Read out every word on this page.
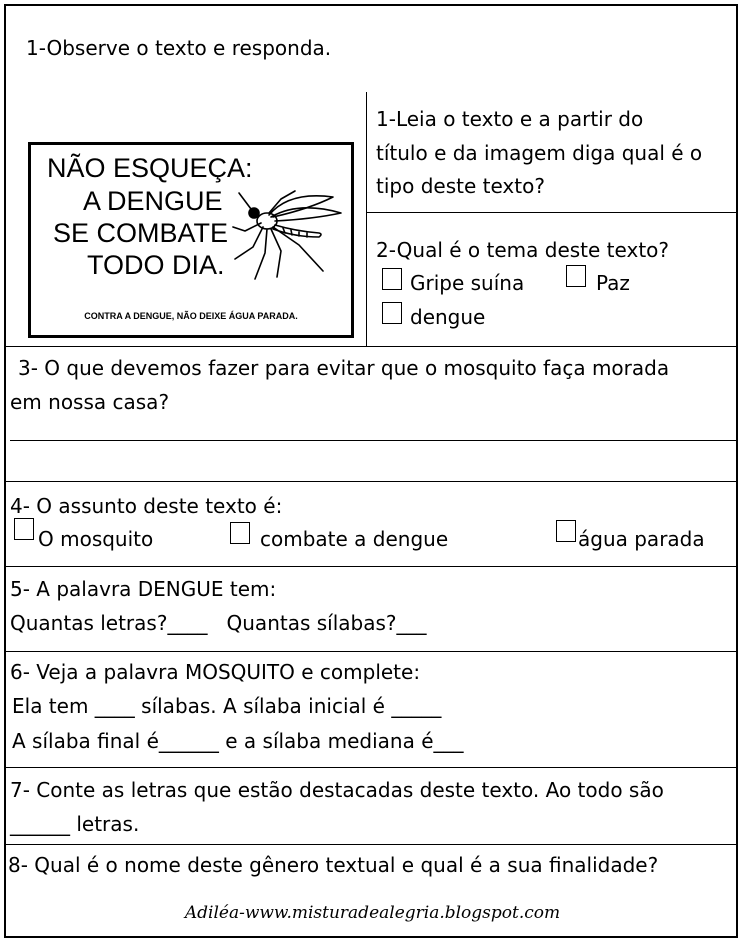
1-Observe o texto e responda.
NÃO ESQUEÇA:
A DENGUE
SE COMBATE
TODO DIA.
CONTRA A DENGUE, NÃO DEIXE ÁGUA PARADA.
1-Leia o texto e a partir do
título e da imagem diga qual é o
tipo deste texto?
2-Qual é o tema deste texto?
Gripe suína	Paz
dengue
3- O que devemos fazer para evitar que o mosquito faça morada
em nossa casa?
4- O assunto deste texto é:
O mosquito	combate a dengue	água parada
5- A palavra DENGUE tem:
Quantas letras?____   Quantas sílabas?___
6- Veja a palavra MOSQUITO e complete:
Ela tem ____ sílabas. A sílaba inicial é _____
A sílaba final é______ e a sílaba mediana é___
7- Conte as letras que estão destacadas deste texto. Ao todo são
______ letras.
8- Qual é o nome deste gênero textual e qual é a sua finalidade?
Adiléa-www.misturadealegria.blogspot.com
